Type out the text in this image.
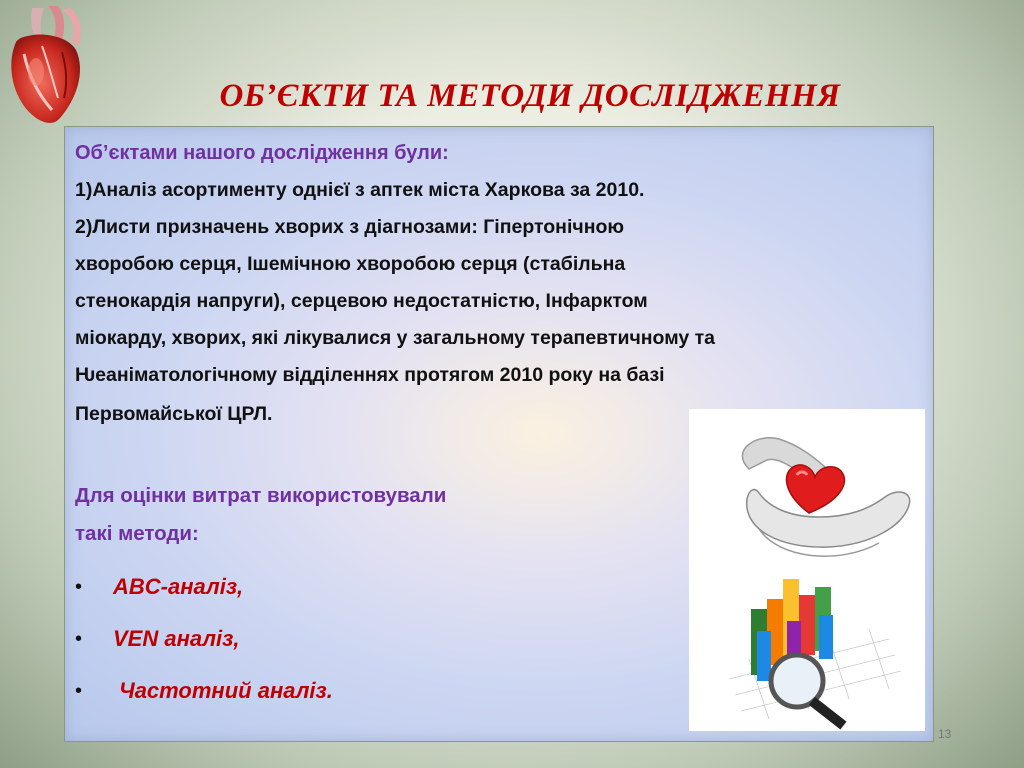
ОБ’ЄКТИ ТА МЕТОДИ ДОСЛІДЖЕННЯ
Об’єктами нашого дослідження були:
1)Аналіз асортименту однієї з аптек міста Харкова за 2010.
2)Листи призначень хворих з діагнозами: Гіпертонічною
хворобою серця, Ішемічною хворобою серця (стабільна
стенокардія напруги), серцевою недостатністю, Інфарктом
міокарду, хворих, які лікувалися у загальному терапевтичному та
Ƕеаніматологічному відділеннях протягом 2010 року на базі
Первомайської ЦРЛ.
Для оцінки витрат використовували
такі методи:
•	ABC-аналіз,
•	VEN аналіз,
•	Частотний аналіз.
13
